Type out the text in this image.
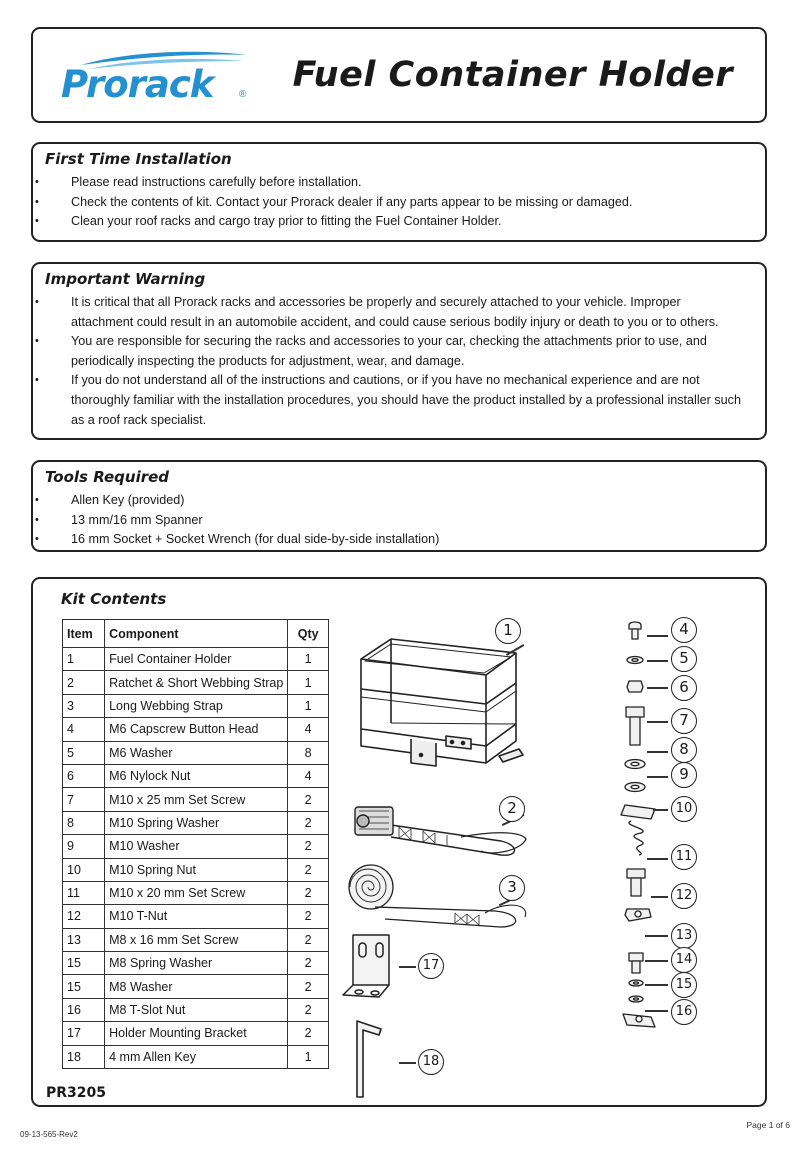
Prorack	® Fuel Container Holder
First Time Installation
• Please read instructions carefully before installation.
• Check the contents of kit. Contact your Prorack dealer if any parts appear to be missing or damaged.
• Clean your roof racks and cargo tray prior to fitting the Fuel Container Holder.
Important Warning
• It is critical that all Prorack racks and accessories be properly and securely attached to your vehicle. Improper attachment could result in an automobile accident, and could cause serious bodily injury or death to you or to others.
• You are responsible for securing the racks and accessories to your car, checking the attachments prior to use, and periodically inspecting the products for adjustment, wear, and damage.
• If you do not understand all of the instructions and cautions, or if you have no mechanical experience and are not thoroughly familiar with the installation procedures, you should have the product installed by a professional installer such as a roof rack specialist.
Tools Required
• Allen Key (provided)
• 13 mm/16 mm Spanner
• 16 mm Socket + Socket Wrench (for dual side-by-side installation)
Kit Contents
Item	Component	Qty
1	Fuel Container Holder	1
2	Ratchet & Short Webbing Strap	1
3	Long Webbing Strap	1
4	M6 Capscrew Button Head	4
5	M6 Washer	8
6	M6 Nylock Nut	4
7	M10 x 25 mm Set Screw	2
8	M10 Spring Washer	2
9	M10 Washer	2
10	M10 Spring Nut	2
11	M10 x 20 mm Set Screw	2
12	M10 T-Nut	2
13	M8 x 16 mm Set Screw	2
15	M8 Spring Washer	2
15	M8 Washer	2
16	M8 T-Slot Nut	2
17	Holder Mounting Bracket	2
18	4 mm Allen Key	1
PR3205
1
2
3
4
5
6
7
8
9
10
11
12
13
14
15
16
17
18
09-13-565-Rev2
Page 1 of 6
